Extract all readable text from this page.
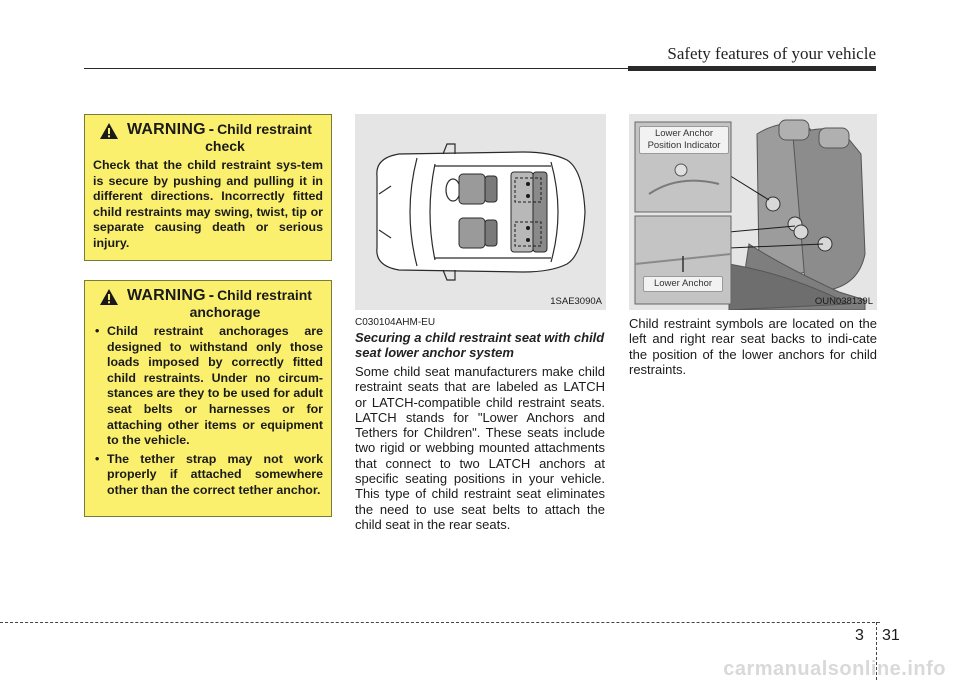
Safety features of your vehicle
WARNING - Child restraint
check
Check that the child restraint sys-tem is secure by pushing and pulling it in different directions. Incorrectly fitted child restraints may swing, twist, tip or separate causing death or serious injury.
WARNING - Child restraint
anchorage
• Child restraint anchorages are designed to withstand only those loads imposed by correctly fitted child restraints. Under no circum-stances are they to be used for adult seat belts or harnesses or for attaching other items or equipment to the vehicle.
• The tether strap may not work properly if attached somewhere other than the correct tether anchor.
1SAE3090A
Lower Anchor Position Indicator
Lower Anchor
OUN038139L
C030104AHM-EU
Securing a child restraint seat with child seat lower anchor system
Some child seat manufacturers make child restraint seats that are labeled as LATCH or LATCH-compatible child restraint seats. LATCH stands for "Lower Anchors and Tethers for Children". These seats include two rigid or webbing mounted attachments that connect to two LATCH anchors at specific seating positions in your vehicle. This type of child restraint seat eliminates the need to use seat belts to attach the child seat in the rear seats.
Child restraint symbols are located on the left and right rear seat backs to indi-cate the position of the lower anchors for child restraints.
3 31
carmanualsonline.info
